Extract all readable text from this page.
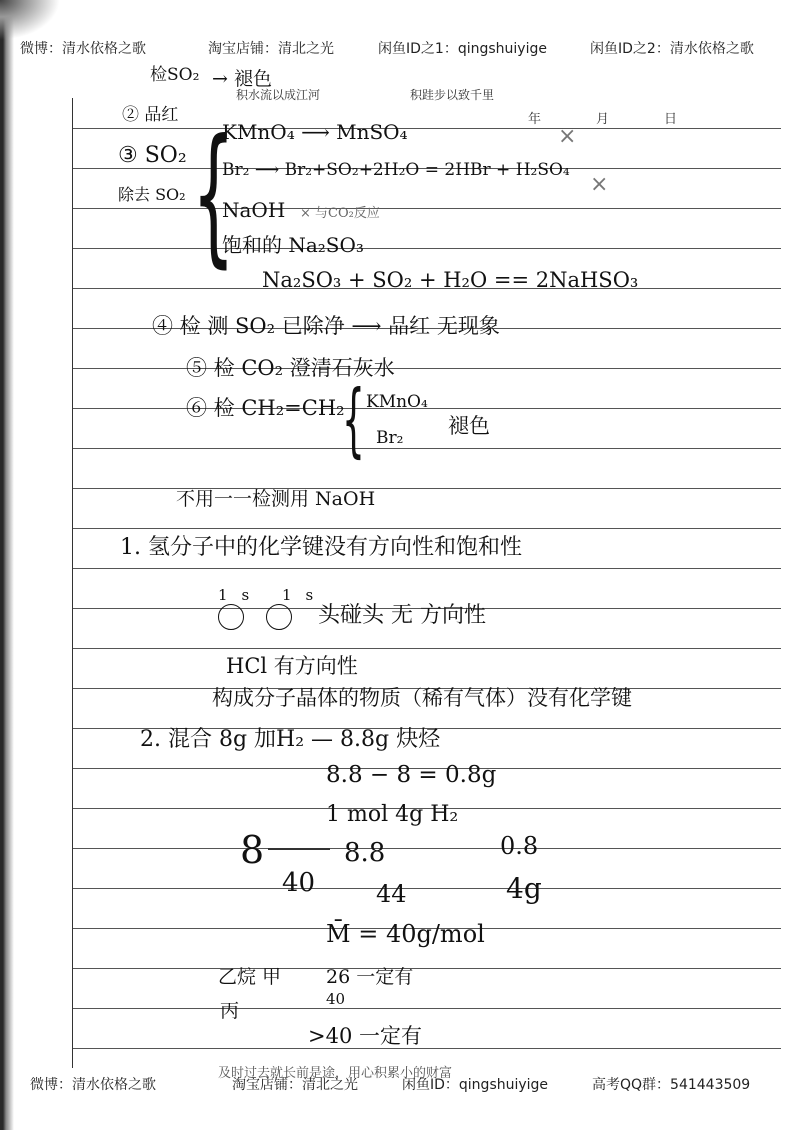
微博：清水依格之歌	淘宝店铺：清北之光	闲鱼ID之1：qingshuiyige	闲鱼ID之2：清水依格之歌
积水流以成江河	积跬步以致千里
年	月	日
检SO₂ → 褪色
② 品红
③ SO₂
除去 SO₂ {
KMnO₄ ⟶ MnSO₄
Br₂ ⟶ Br₂+SO₂+2H₂O = 2HBr + H₂SO₄
×
×
NaOH × 与CO₂反应
饱和的 Na₂SO₃
Na₂SO₃ + SO₂ + H₂O == 2NaHSO₃
④ 检 测 SO₂ 已除净 ⟶ 品红 无现象
⑤ 检 CO₂ 澄清石灰水
⑥ 检 CH₂=CH₂
{ KMnO₄
Br₂ 褪色
不用一一检测用 NaOH
1. 氢分子中的化学键没有方向性和饱和性
1s 1s
头碰头 无 方向性
HCl 有方向性
构成分子晶体的物质（稀有气体）没有化学键
2. 混合 8g 加H₂ — 8.8g 炔烃
8.8 − 8 = 0.8g
1 mol 4g H₂
8	8.8	0.8
40	44	4g
M̄ = 40g/mol
乙烷 甲 26 一定有
丙
40
>40 一定有
微博：清水依格之歌	淘宝店铺：清北之光	闲鱼ID：qingshuiyige	高考QQ群：541443509
及时过去就长前是途，用心积累小的财富
